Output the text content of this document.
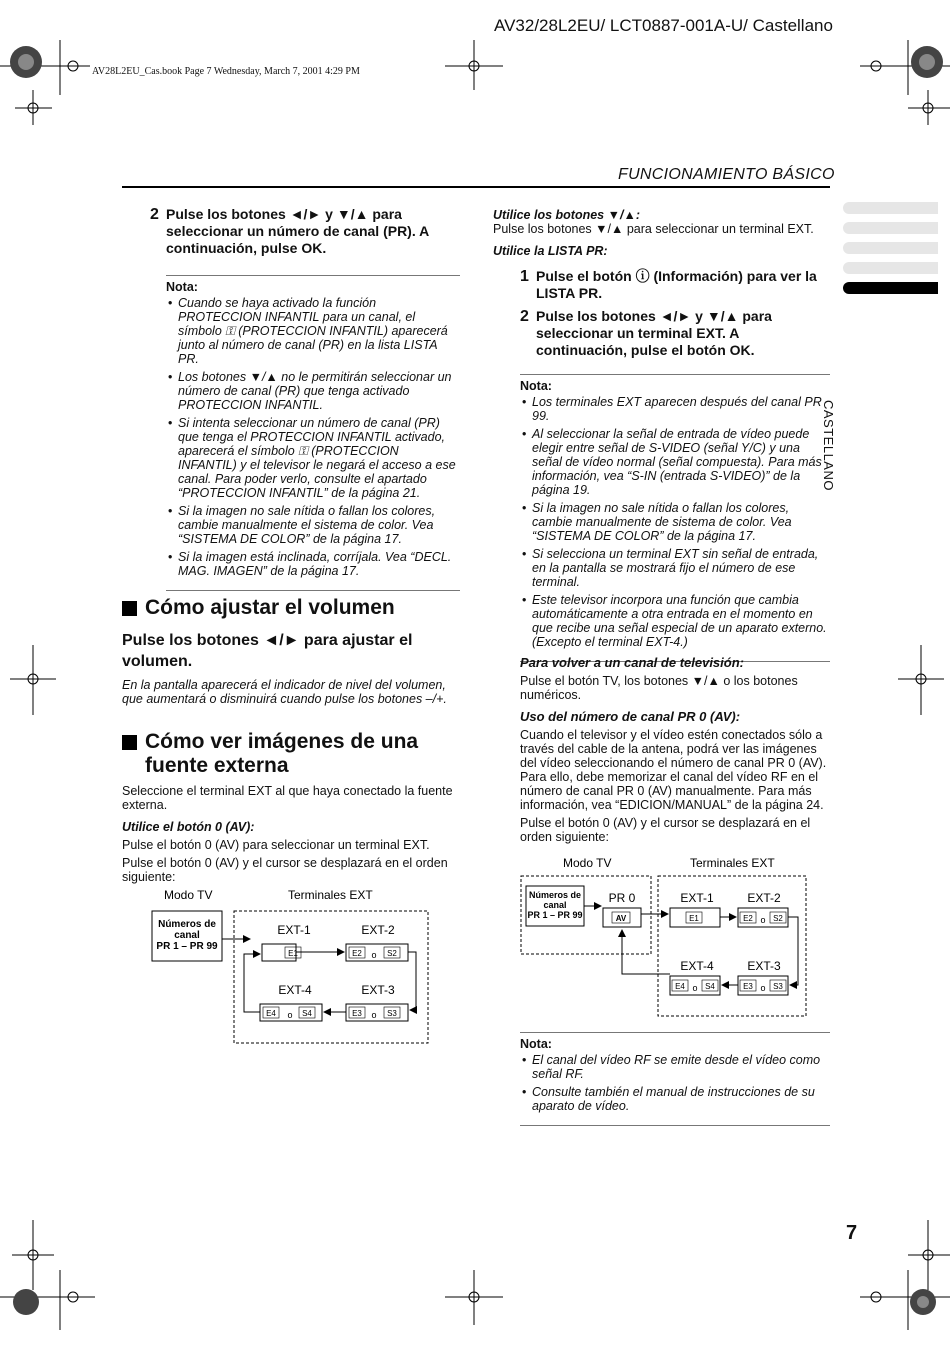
AV32/28L2EU/ LCT0887-001A-U/ Castellano
AV28L2EU_Cas.book Page 7 Wednesday, March 7, 2001 4:29 PM
FUNCIONAMIENTO BÁSICO
CASTELLANO
7
2 Pulse los botones ◄/► y ▼/▲ para seleccionar un número de canal (PR). A continuación, pulse OK.
Nota:
• Cuando se haya activado la función PROTECCION INFANTIL para un canal, el símbolo ⚿ (PROTECCION INFANTIL) aparecerá junto al número de canal (PR) en la lista LISTA PR.
• Los botones ▼/▲ no le permitirán seleccionar un número de canal (PR) que tenga activado PROTECCION INFANTIL.
• Si intenta seleccionar un número de canal (PR) que tenga el PROTECCION INFANTIL activado, aparecerá el símbolo ⚿ (PROTECCION INFANTIL) y el televisor le negará el acceso a ese canal. Para poder verlo, consulte el apartado “PROTECCION INFANTIL” de la página 21.
• Si la imagen no sale nítida o fallan los colores, cambie manualmente el sistema de color. Vea “SISTEMA DE COLOR” de la página 17.
• Si la imagen está inclinada, corríjala. Vea “DECL. MAG. IMAGEN” de la página 17.
Cómo ajustar el volumen
Pulse los botones ◄/► para ajustar el volumen.
En la pantalla aparecerá el indicador de nivel del volumen, que aumentará o disminuirá cuando pulse los botones –/+.
Cómo ver imágenes de una fuente externa

Seleccione el terminal EXT al que haya conectado la fuente externa.

Utilice el botón 0 (AV):

Pulse el botón 0 (AV) para seleccionar un terminal EXT.

Pulse el botón 0 (AV) y el cursor se desplazará en el orden siguiente:

Modo TV	Terminales EXT
Números de
canal
PR 1 – PR 99
EXT-1
E1
EXT-2
E2 o S2
EXT-4
E4 o S4
EXT-3
E3 o S3

Utilice los botones ▼/▲:

Pulse los botones ▼/▲ para seleccionar un terminal EXT.

Utilice la LISTA PR:

1 Pulse el botón ⓘ (Información) para ver la LISTA PR.
2 Pulse los botones ◄/► y ▼/▲ para seleccionar un terminal EXT. A continuación, pulse el botón OK.
Nota:
• Los terminales EXT aparecen después del canal PR 99.
• Al seleccionar la señal de entrada de vídeo puede elegir entre señal de S-VIDEO (señal Y/C) y una señal de vídeo normal (señal compuesta). Para más información, vea “S-IN (entrada S-VIDEO)” de la página 19.
• Si la imagen no sale nítida o fallan los colores, cambie manualmente de sistema de color. Vea “SISTEMA DE COLOR” de la página 17.
• Si selecciona un terminal EXT sin señal de entrada, en la pantalla se mostrará fijo el número de ese terminal.
• Este televisor incorpora una función que cambia automáticamente a otra entrada en el momento en que recibe una señal especial de un aparato externo. (Excepto el terminal EXT-4.)

Para volver a un canal de televisión:

Pulse el botón TV, los botones ▼/▲ o los botones numéricos.

Uso del número de canal PR 0 (AV):

Cuando el televisor y el vídeo estén conectados sólo a través del cable de la antena, podrá ver las imágenes del vídeo seleccionando el número de canal PR 0 (AV). Para ello, debe memorizar el canal del vídeo RF en el número de canal PR 0 (AV) manualmente. Para más información, vea “EDICION/MANUAL” de la página 24.

Pulse el botón 0 (AV) y el cursor se desplazará en el orden siguiente:

Modo TV	Terminales EXT
Números de
canal
PR 1 – PR 99
PR 0
AV
EXT-1
E1
EXT-2
E2 o S2
EXT-4
E4 o S4
EXT-3
E3 o S3
Nota:
• El canal del vídeo RF se emite desde el vídeo como señal RF.
• Consulte también el manual de instrucciones de su aparato de vídeo.
